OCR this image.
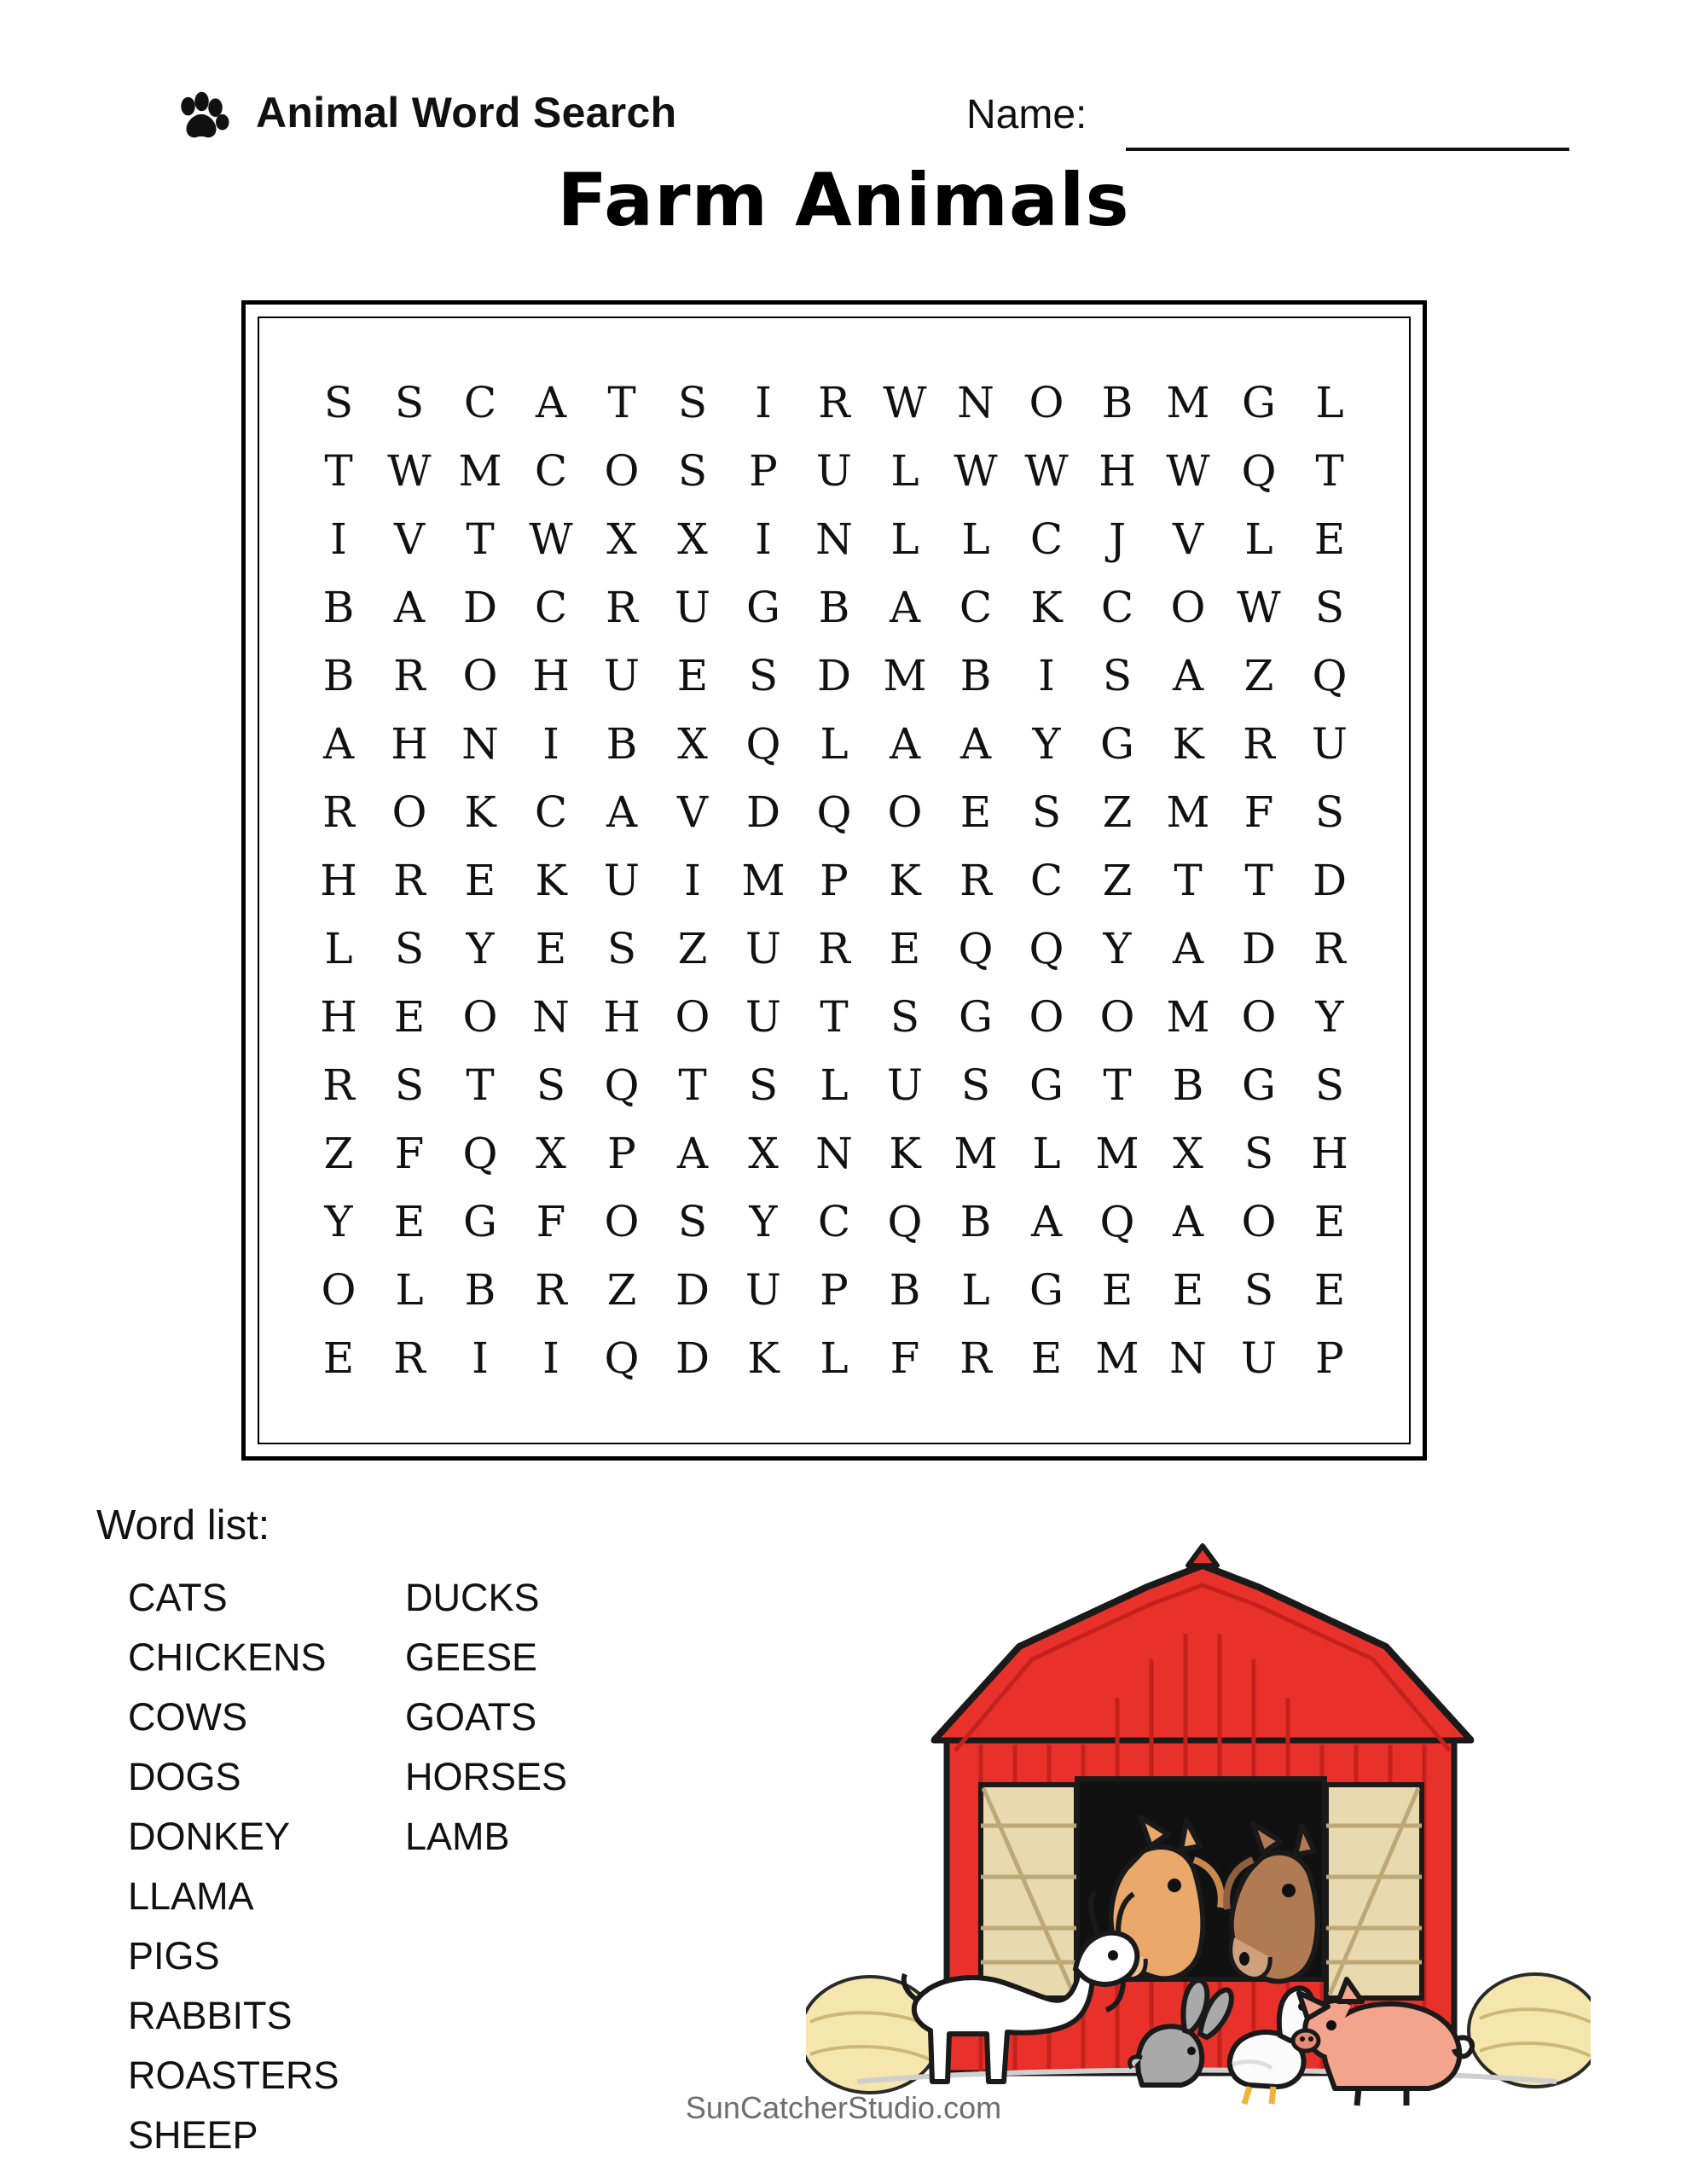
Animal Word Search	Name:
Farm Animals
S	S	C	A	T	S	I	R	W	N	O	B	M	G	L
T	W	M	C	O	S	P	U	L	W	W	H	W	Q	T
I	V	T	W	X	X	I	N	L	L	C	J	V	L	E
B	A	D	C	R	U	G	B	A	C	K	C	O	W	S
B	R	O	H	U	E	S	D	M	B	I	S	A	Z	Q
A	H	N	I	B	X	Q	L	A	A	Y	G	K	R	U
R	O	K	C	A	V	D	Q	O	E	S	Z	M	F	S
H	R	E	K	U	I	M	P	K	R	C	Z	T	T	D
L	S	Y	E	S	Z	U	R	E	Q	Q	Y	A	D	R
H	E	O	N	H	O	U	T	S	G	O	O	M	O	Y
R	S	T	S	Q	T	S	L	U	S	G	T	B	G	S
Z	F	Q	X	P	A	X	N	K	M	L	M	X	S	H
Y	E	G	F	O	S	Y	C	Q	B	A	Q	A	O	E
O	L	B	R	Z	D	U	P	B	L	G	E	E	S	E
E	R	I	I	Q	D	K	L	F	R	E	M	N	U	P
Word list:
CATS
CHICKENS
COWS
DOGS
DONKEY
DUCKS
GEESE
GOATS
HORSES
LAMB
LLAMA
PIGS
RABBITS
ROASTERS
SHEEP
SunCatcherStudio.com
